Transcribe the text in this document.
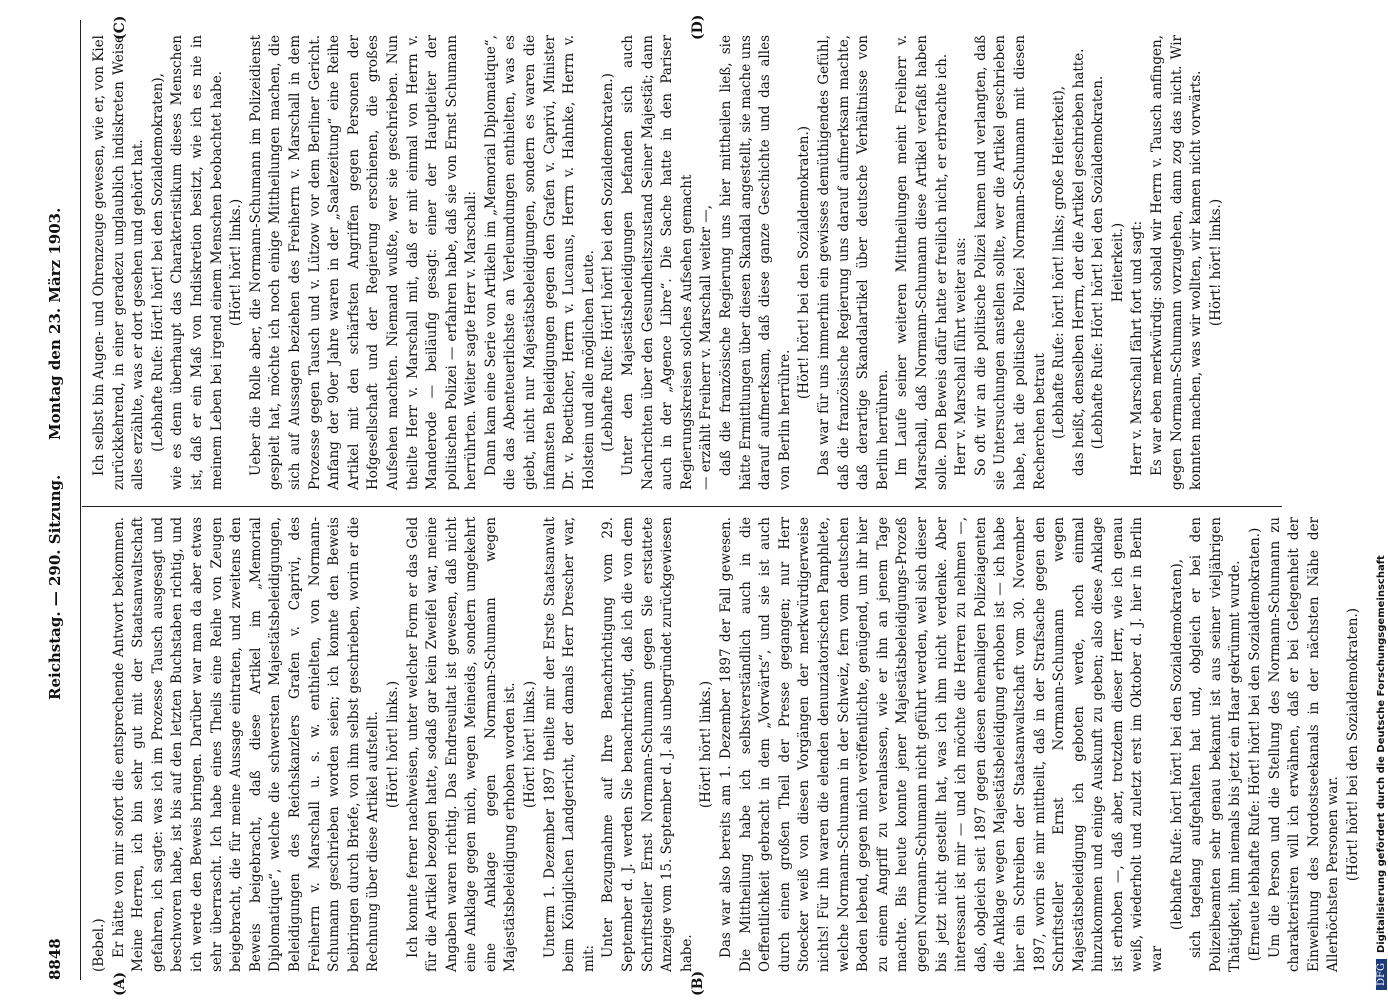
8848
Reichstag. — 290. Sitzung.
Montag den 23. März 1903.
(A)	(B)
(C)	(D)

(Bebel.) Er hätte von mir sofort die entsprechende Antwort bekommen. Meine Herren, ich bin sehr gut mit der Staatsanwaltschaft gefahren, ich sagte: was ich im Prozesse Tausch ausgesagt und beschworen habe, ist bis auf den letzten Buchstaben richtig, und ich werde den Beweis bringen. Darüber war man da aber etwas sehr überrascht. Ich habe eines Theils eine Reihe von Zeugen beigebracht, die für meine Aussage eintraten, und zweitens den Beweis beigebracht, daß diese Artikel im „Memorial Diplomatique“, welche die schwersten Majestätsbeleidigungen, Beleidigungen des Reichskanzlers Grafen v. Caprivi, des Freiherrn v. Marschall u. s. w. enthielten, von Normann-Schumann geschrieben worden seien; ich konnte den Beweis beibringen durch Briefe, von ihm selbst geschrieben, worin er die Rechnung über diese Artikel aufstellt. (Hört! hört! links.) Ich konnte ferner nachweisen, unter welcher Form er das Geld für die Artikel bezogen hatte, sodaß gar kein Zweifel war, meine Angaben waren richtig. Das Endresultat ist gewesen, daß nicht eine Anklage gegen mich, wegen Meineids, sondern umgekehrt eine Anklage gegen Normann-Schumann wegen Majestätsbeleidigung erhoben worden ist. (Hört! hört! links.) Unterm 1. Dezember 1897 theilte mir der Erste Staatsanwalt beim Königlichen Landgericht, der damals Herr Drescher war, mit:

Unter Bezugnahme auf Ihre Benachrichtigung vom 29. September d. J. werden Sie benachrichtigt, daß ich die von dem Schriftsteller Ernst Normann-Schumann gegen Sie erstattete Anzeige vom 15. September d. J. als unbegründet zurückgewiesen habe.

(Hört! hört! links.) Das war also bereits am 1. Dezember 1897 der Fall gewesen. Die Mittheilung habe ich selbstverständlich auch in die Oeffentlichkeit gebracht in dem „Vorwärts“, und sie ist auch durch einen großen Theil der Presse gegangen; nur Herr Stoecker weiß von diesen Vorgängen der merkwürdigerweise nichts! Für ihn waren die elenden denunziatorischen Pamphlete, welche Normann-Schumann in der Schweiz, fern vom deutschen Boden lebend, gegen mich veröffentlichte, genügend, um ihr hier zu einem Angriff zu veranlassen, wie er ihn an jenem Tage machte. Bis heute konnte jener Majestätsbeleidigungs-Prozeß gegen Normann-Schumann nicht geführt werden, weil sich dieser bis jetzt nicht gestellt hat, was ich ihm nicht verdenke. Aber interessant ist mir — und ich möchte die Herren zu nehmen —, daß, obgleich seit 1897 gegen diesen ehemaligen Polizeiagenten die Anklage wegen Majestätsbeleidigung erhoben ist — ich habe hier ein Schreiben der Staatsanwaltschaft vom 30. November 1897, worin sie mir mittheilt, daß in der Strafsache gegen den Schriftsteller Ernst Normann-Schumann wegen Majestätsbeleidigung ich geboten werde, noch einmal hinzukommen und einige Auskunft zu geben; also diese Anklage ist erhoben —, daß aber, trotzdem dieser Herr, wie ich genau weiß, wiederholt und zuletzt erst im Oktober d. J. hier in Berlin war

(lebhafte Rufe: hört! hört! bei den Sozialdemokraten), sich tagelang aufgehalten hat und, obgleich er bei den Polizeibeamten sehr genau bekannt ist aus seiner vieljährigen Thätigkeit, ihm niemals bis jetzt ein Haar gekrümmt wurde. (Erneute lebhafte Rufe: Hört! hört! bei den Sozialdemokraten.) Um die Person und die Stellung des Normann-Schumann zu charakterisiren will ich erwähnen, daß er bei Gelegenheit der Einweihung des Nordostseekanals in der nächsten Nähe der Allerhöchsten Personen war. (Hört! hört! bei den Sozialdemokraten.)

Ich selbst bin Augen- und Ohrenzeuge gewesen, wie er, von Kiel zurückkehrend, in einer geradezu unglaublich indiskreten Weise alles erzählte, was er dort gesehen und gehört hat. (Lebhafte Rufe: Hört! hört! bei den Sozialdemokraten), wie es denn überhaupt das Charakteristikum dieses Menschen ist, daß er ein Maß von Indiskretion besitzt, wie ich es nie in meinem Leben bei irgend einem Menschen beobachtet habe. (Hört! hört! links.) Ueber die Rolle aber, die Normann-Schumann im Polizeidienst gespielt hat, möchte ich noch einige Mittheilungen machen, die sich auf Aussagen beziehen des Freiherrn v. Marschall in dem Prozesse gegen Tausch und v. Lützow vor dem Berliner Gericht. Anfang der 90er Jahre waren in der „Saalezeitung“ eine Reihe Artikel mit den schärfsten Angriffen gegen Personen der Hofgesellschaft und der Regierung erschienen, die großes Aufsehen machten. Niemand wußte, wer sie geschrieben. Nun theilte Herr v. Marschall mit, daß er mit einmal von Herrn v. Manderode — beiläufig gesagt: einer der Hauptleiter der politischen Polizei — erfahren habe, daß sie von Ernst Schumann herrührten. Weiter sagte Herr v. Marschall: Dann kam eine Serie von Artikeln im „Memorial Diplomatique“, die das Abenteuerlichste an Verleumdungen enthielten, was es giebt, nicht nur Majestätsbeleidigungen, sondern es waren die infamsten Beleidigungen gegen den Grafen v. Caprivi, Minister Dr. v. Boetticher, Herrn v. Lucanus, Herrn v. Hahnke, Herrn v. Holstein und alle möglichen Leute. (Lebhafte Rufe: Hört! hört! bei den Sozialdemokraten.) Unter den Majestätsbeleidigungen befanden sich auch Nachrichten über den Gesundheitszustand Seiner Majestät; dann auch in der „Agence Libre“. Die Sache hatte in den Pariser Regierungskreisen solches Aufsehen gemacht — erzählt Freiherr v. Marschall weiter —, daß die französische Regierung uns hier mittheilen ließ, sie hätte Ermittlungen über diesen Skandal angestellt, sie mache uns darauf aufmerksam, daß diese ganze Geschichte und das alles von Berlin herrühre.

(Hört! hört! bei den Sozialdemokraten.) Das war für uns immerhin ein gewisses demüthigendes Gefühl, daß die französische Regierung uns darauf aufmerksam machte, daß derartige Skandalartikel über deutsche Verhältnisse von Berlin herrühren. Im Laufe seiner weiteren Mittheilungen meint Freiherr v. Marschall, daß Normann-Schumann diese Artikel verfaßt haben solle. Den Beweis dafür hatte er freilich nicht, er erbrachte ich. Herr v. Marschall führt weiter aus: So oft wir an die politische Polizei kamen und verlangten, daß sie Untersuchungen anstellen sollte, wer die Artikel geschrieben habe, hat die politische Polizei Normann-Schumann mit diesen Recherchen betraut (Lebhafte Rufe: hört! hört! links; große Heiterkeit), das heißt, denselben Herrn, der die Artikel geschrieben hatte. (Lebhafte Rufe: Hört! hört! bei den Sozialdemokraten. Heiterkeit.) Herr v. Marschall fährt fort und sagt: Es war eben merkwürdig: sobald wir Herrn v. Tausch anfingen, gegen Normann-Schumann vorzugehen, dann zog das nicht. Wir konnten machen, was wir wollten, wir kamen nicht vorwärts. (Hört! hört! links.)

DFGDigitalisierung gefördert durch die Deutsche Forschungsgemeinschaft
